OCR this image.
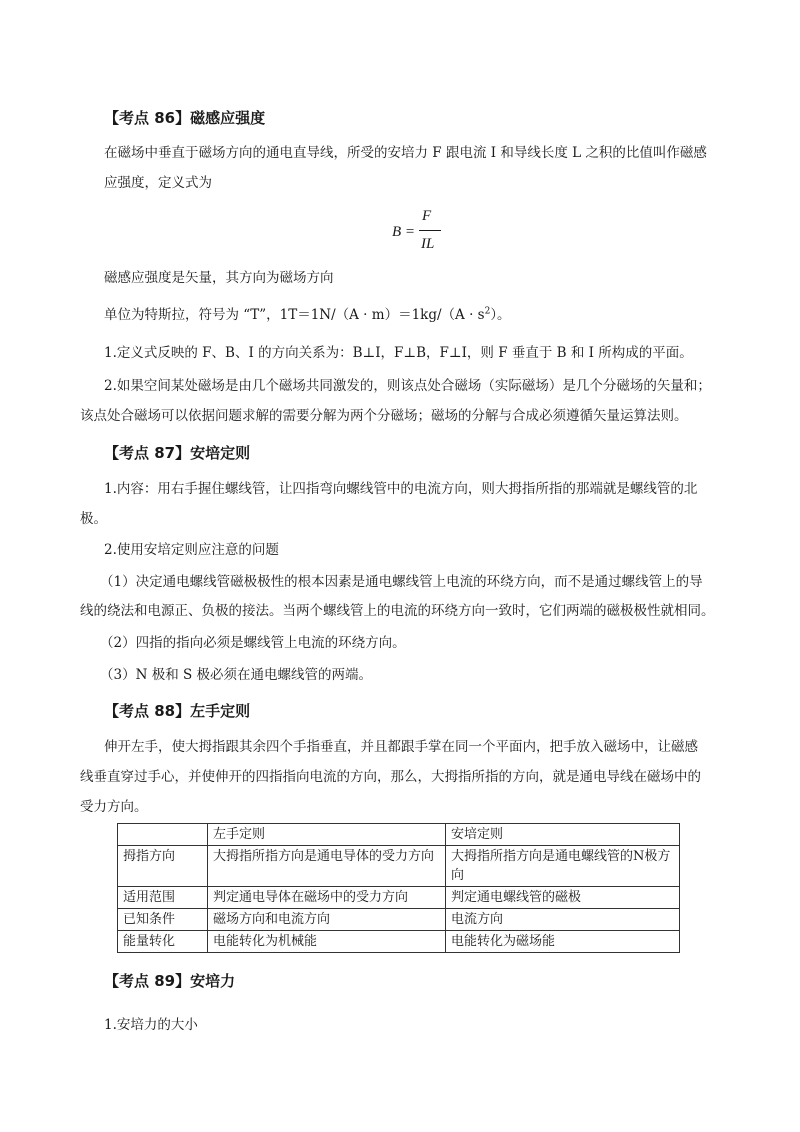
【考点 86】磁感应强度
在磁场中垂直于磁场方向的通电直导线，所受的安培力 F 跟电流 I 和导线长度 L 之积的比值叫作磁感
应强度，定义式为
B =
F
IL
磁感应强度是矢量，其方向为磁场方向
单位为特斯拉，符号为 “T”，$1T=1N/(A \cdot m)=1kg/(A \cdot s^2)$。
1.定义式反映的 F、B、I 的方向关系为：B⊥I，F⊥B，F⊥I，则 F 垂直于 B 和 I 所构成的平面。
2.如果空间某处磁场是由几个磁场共同激发的，则该点处合磁场（实际磁场）是几个分磁场的矢量和；
该点处合磁场可以依据问题求解的需要分解为两个分磁场；磁场的分解与合成必须遵循矢量运算法则。
【考点 87】安培定则
1.内容：用右手握住螺线管，让四指弯向螺线管中的电流方向，则大拇指所指的那端就是螺线管的北
极。
2.使用安培定则应注意的问题
（1）决定通电螺线管磁极极性的根本因素是通电螺线管上电流的环绕方向，而不是通过螺线管上的导
线的绕法和电源正、负极的接法。当两个螺线管上的电流的环绕方向一致时，它们两端的磁极极性就相同。
（2）四指的指向必须是螺线管上电流的环绕方向。
（3）N 极和 S 极必须在通电螺线管的两端。
【考点 88】左手定则
伸开左手，使大拇指跟其余四个手指垂直，并且都跟手掌在同一个平面内，把手放入磁场中，让磁感
线垂直穿过手心，并使伸开的四指指向电流的方向，那么，大拇指所指的方向，就是通电导线在磁场中的
受力方向。
	左手定则	安培定则
拇指方向	大拇指所指方向是通电导体的受力方向	大拇指所指方向是通电螺线管的N极方向
适用范围	判定通电导体在磁场中的受力方向	判定通电螺线管的磁极
已知条件	磁场方向和电流方向	电流方向
能量转化	电能转化为机械能	电能转化为磁场能
【考点 89】安培力
1.安培力的大小
